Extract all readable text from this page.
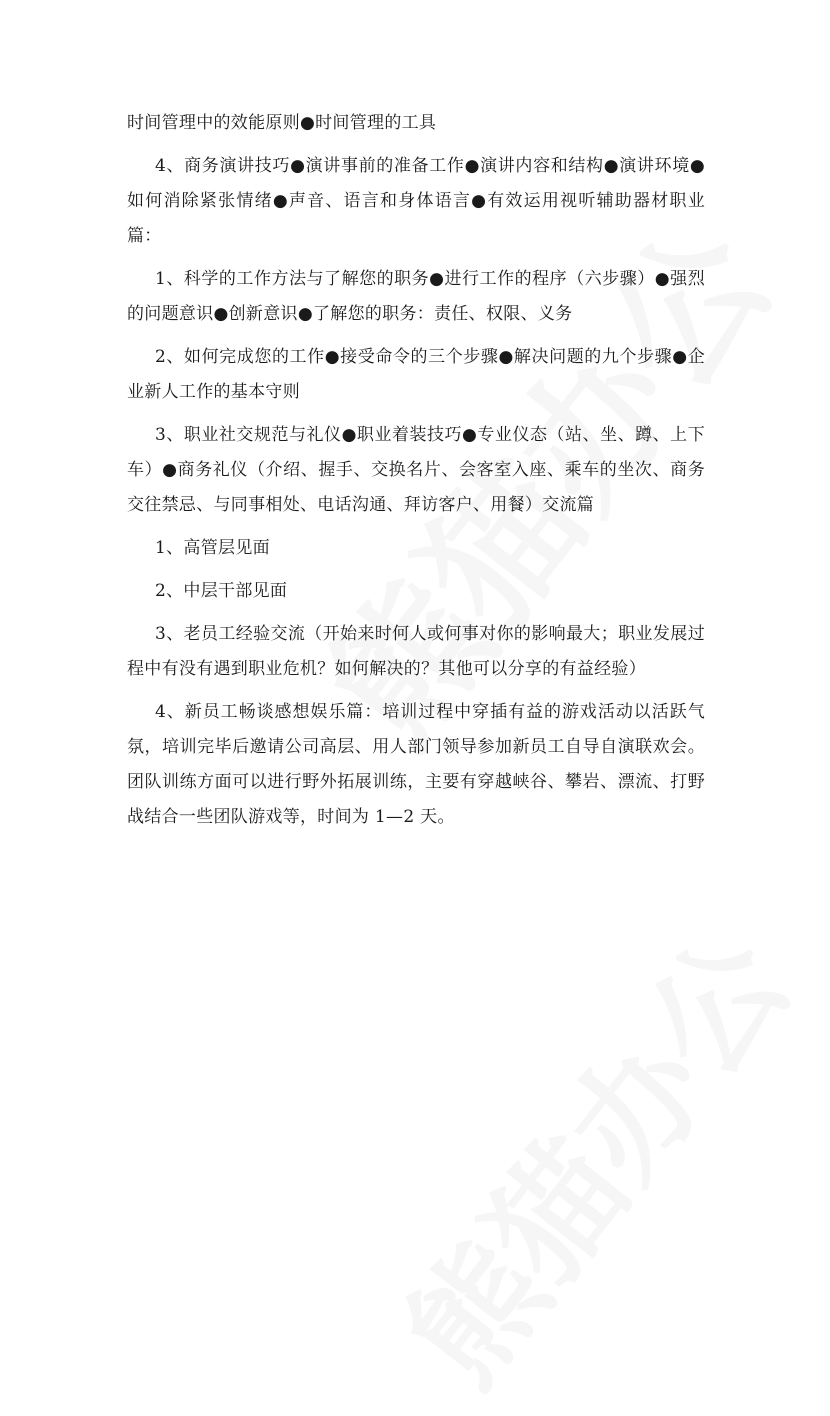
时间管理中的效能原则●时间管理的工具

4、商务演讲技巧●演讲事前的准备工作●演讲内容和结构●演讲环境●如何消除紧张情绪●声音、语言和身体语言●有效运用视听辅助器材职业篇：

1、科学的工作方法与了解您的职务●进行工作的程序（六步骤）●强烈的问题意识●创新意识●了解您的职务：责任、权限、义务

2、如何完成您的工作●接受命令的三个步骤●解决问题的九个步骤●企业新人工作的基本守则

3、职业社交规范与礼仪●职业着装技巧●专业仪态（站、坐、蹲、上下车）●商务礼仪（介绍、握手、交换名片、会客室入座、乘车的坐次、商务交往禁忌、与同事相处、电话沟通、拜访客户、用餐）交流篇

1、高管层见面

2、中层干部见面

3、老员工经验交流（开始来时何人或何事对你的影响最大；职业发展过程中有没有遇到职业危机？如何解决的？其他可以分享的有益经验）

4、新员工畅谈感想娱乐篇：培训过程中穿插有益的游戏活动以活跃气氛，培训完毕后邀请公司高层、用人部门领导参加新员工自导自演联欢会。团队训练方面可以进行野外拓展训练，主要有穿越峡谷、攀岩、漂流、打野战结合一些团队游戏等，时间为 1—2 天。
